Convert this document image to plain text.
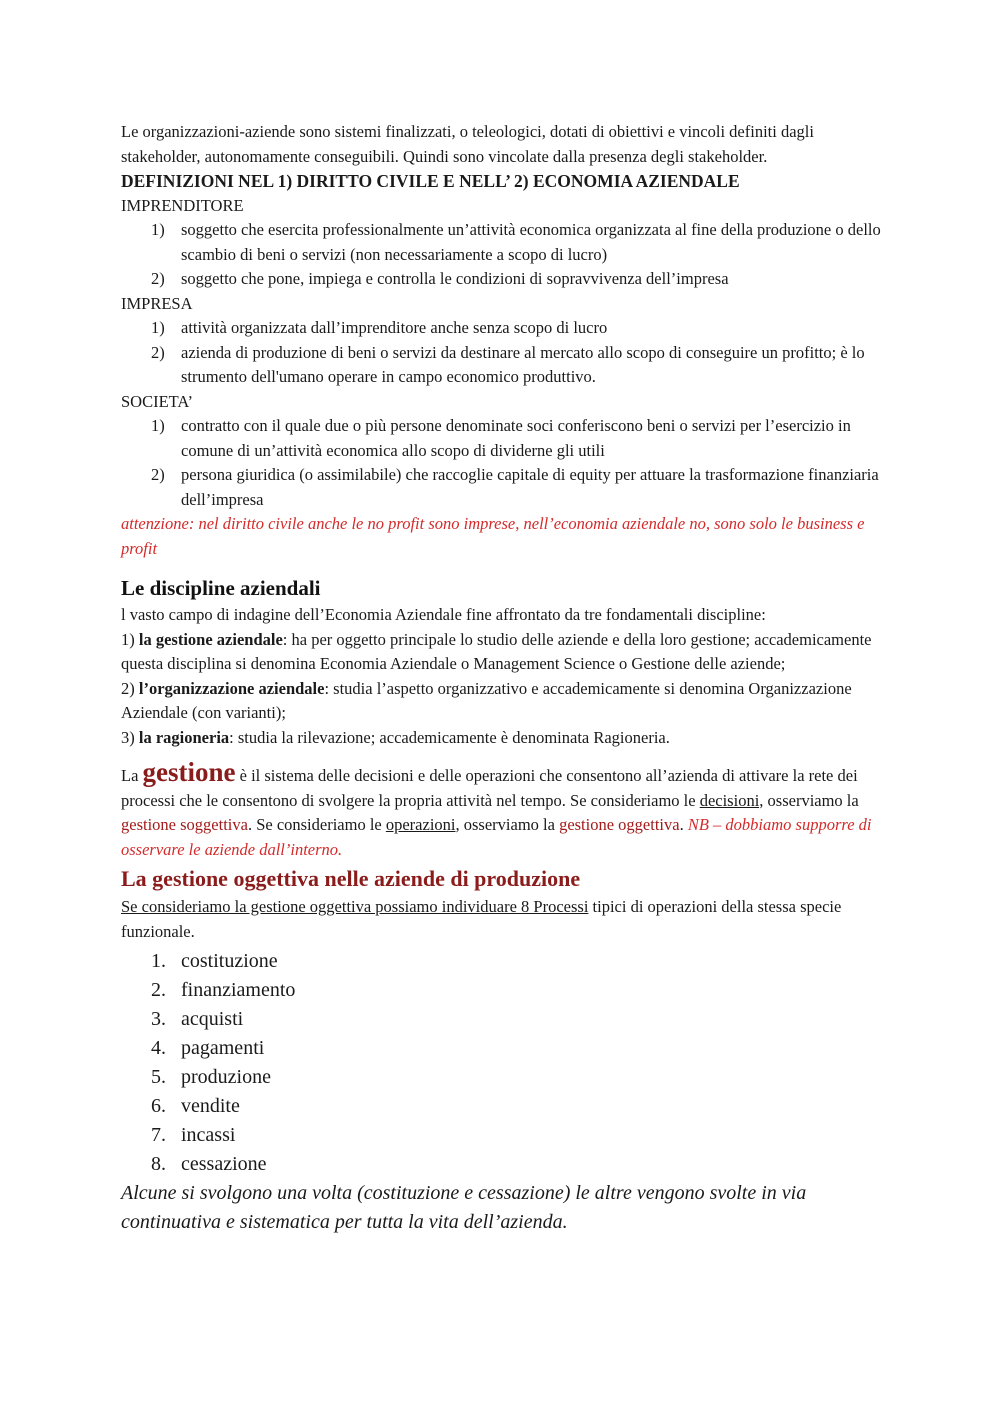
Le organizzazioni-aziende sono sistemi finalizzati, o teleologici, dotati di obiettivi e vincoli definiti dagli stakeholder, autonomamente conseguibili. Quindi sono vincolate dalla presenza degli stakeholder.

DEFINIZIONI NEL 1) DIRITTO CIVILE E NELL’ 2) ECONOMIA AZIENDALE

IMPRENDITORE

1) soggetto che esercita professionalmente un’attività economica organizzata al fine della produzione o dello scambio di beni o servizi (non necessariamente a scopo di lucro)
2) soggetto che pone, impiega e controlla le condizioni di sopravvivenza dell’impresa

IMPRESA

1) attività organizzata dall’imprenditore anche senza scopo di lucro
2) azienda di produzione di beni o servizi da destinare al mercato allo scopo di conseguire un profitto; è lo strumento dell'umano operare in campo economico produttivo.

SOCIETA’

1) contratto con il quale due o più persone denominate soci conferiscono beni o servizi per l’esercizio in comune di un’attività economica allo scopo di dividerne gli utili
2) persona giuridica (o assimilabile) che raccoglie capitale di equity per attuare la trasformazione finanziaria dell’impresa

attenzione: nel diritto civile anche le no profit sono imprese, nell’economia aziendale no, sono solo le business e profit

Le discipline aziendali

l vasto campo di indagine dell’Economia Aziendale fine affrontato da tre fondamentali discipline:

1) la gestione aziendale: ha per oggetto principale lo studio delle aziende e della loro gestione; accademicamente questa disciplina si denomina Economia Aziendale o Management Science o Gestione delle aziende;

2) l’organizzazione aziendale: studia l’aspetto organizzativo e accademicamente si denomina Organizzazione Aziendale (con varianti);

3) la ragioneria: studia la rilevazione; accademicamente è denominata Ragioneria.

La gestione è il sistema delle decisioni e delle operazioni che consentono all’azienda di attivare la rete dei processi che le consentono di svolgere la propria attività nel tempo. Se consideriamo le decisioni, osserviamo la gestione soggettiva. Se consideriamo le operazioni, osserviamo la gestione oggettiva. NB – dobbiamo supporre di osservare le aziende dall’interno.

La gestione oggettiva nelle aziende di produzione

Se consideriamo la gestione oggettiva possiamo individuare 8 Processi tipici di operazioni della stessa specie funzionale.

1. costituzione
2. finanziamento
3. acquisti
4. pagamenti
5. produzione
6. vendite
7. incassi
8. cessazione

Alcune si svolgono una volta (costituzione e cessazione) le altre vengono svolte in via continuativa e sistematica per tutta la vita dell’azienda.
